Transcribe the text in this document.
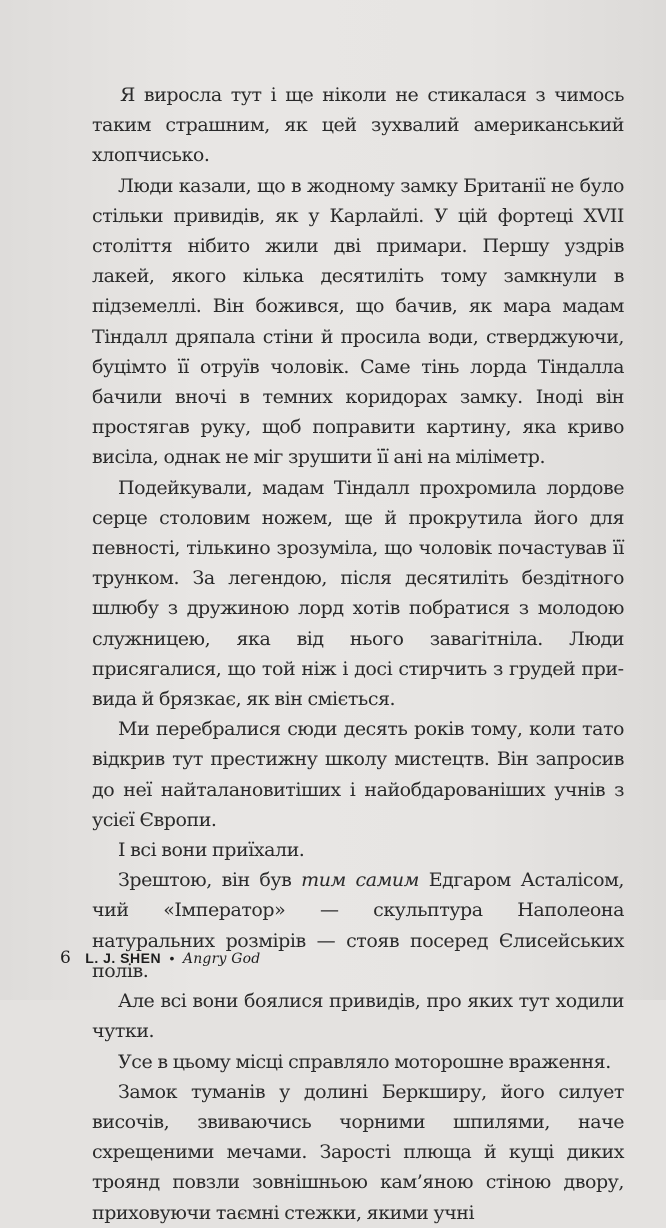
Я виросла тут і ще ніколи не стикалася з чимось таким страшним, як цей зухвалий американський хлопчисько.

Люди казали, що в жодному замку Британії не було стільки привидів, як у Карлайлі. У цій фортеці XVII століття нібито жили дві примари. Першу уздрів лакей, якого кілька десятиліть тому замкнули в підземеллі. Він божився, що бачив, як мара мадам Тіндалл дряпала стіни й просила води, стверджуючи, буцімто її отруїв чоловік. Саме тінь лорда Тіндалла бачили вночі в темних коридорах замку. Іноді він простягав руку, щоб поправити картину, яка криво висіла, однак не міг зрушити її ані на міліметр.

Подейкували, мадам Тіндалл прохромила лордове серце столовим ножем, ще й прокрутила його для певності, тількино зрозуміла, що чоловік почастував її трунком. За легендою, після десятиліть бездітного шлюбу з дружиною лорд хотів побратися з молодою служницею, яка від нього завагітніла. Люди присягалися, що той ніж і досі стирчить з грудей привида й брязкає, як він сміється.

Ми перебралися сюди десять років тому, коли тато відкрив тут престижну школу мистецтв. Він запросив до неї найталановитіших і найобдарованіших учнів з усієї Європи.

І всі вони приїхали.

Зрештою, він був тим самим Едгаром Асталісом, чий «Імператор» — скульптура Наполеона натуральних розмірів — стояв посеред Єлисейських полів.

Але всі вони боялися привидів, про яких тут ходили чутки.

Усе в цьому місці справляло моторошне враження.

Замок туманів у долині Беркширу, його силует височів, звиваючись чорними шпилями, наче схрещеними мечами. Зарості плюща й кущі диких троянд повзли зовнішньою кам’яною стіною двору, приховуючи таємні стежки, якими учні

6 L. J. SHEN • Angry God
